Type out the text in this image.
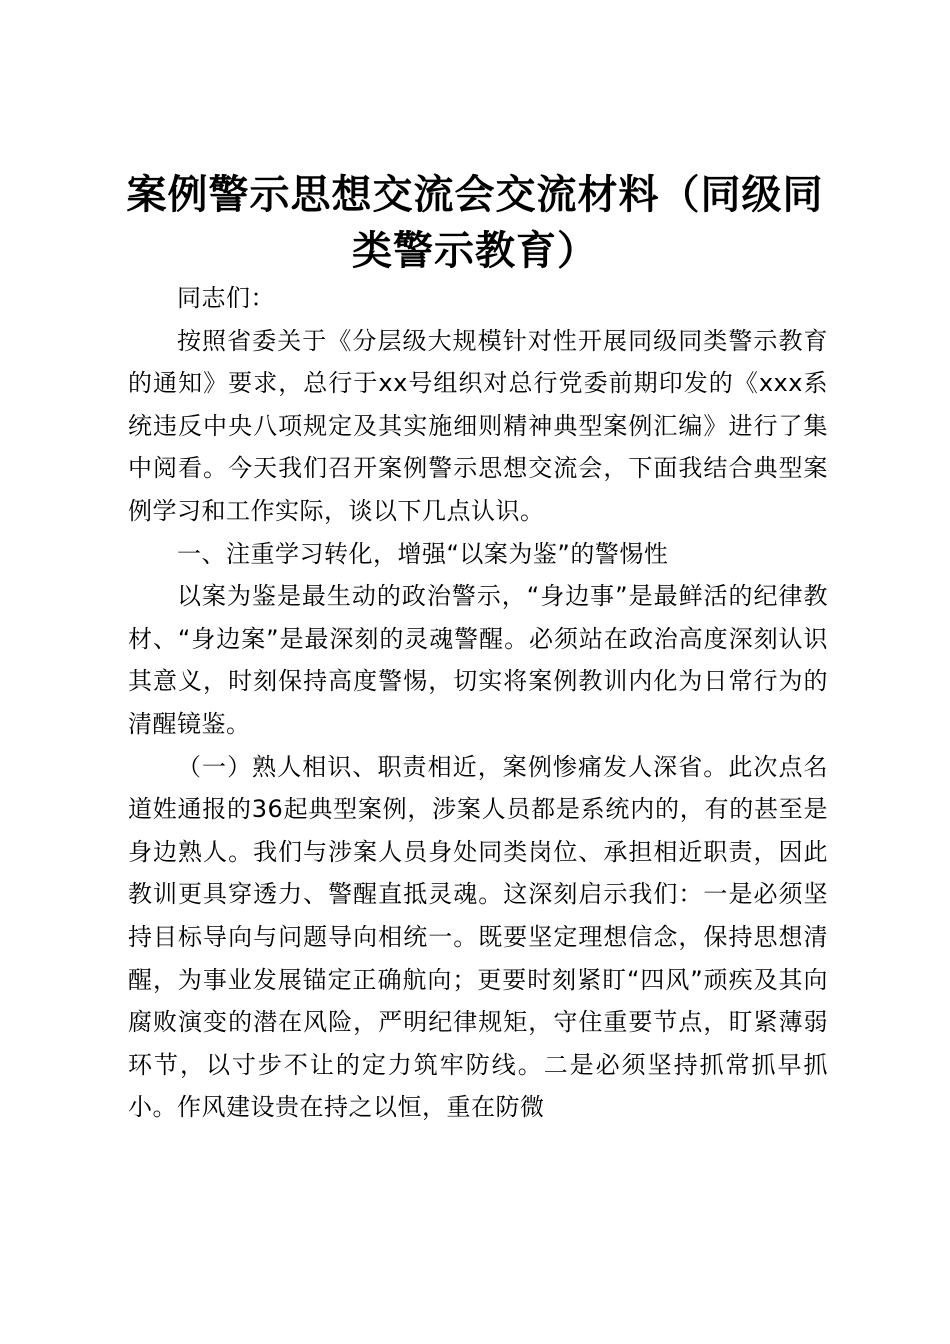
案例警示思想交流会交流材料（同级同
类警示教育）

同志们：

按照省委关于《分层级大规模针对性开展同级同类警示教育的通知》要求，总行于xx号组织对总行党委前期印发的《xxx系统违反中央八项规定及其实施细则精神典型案例汇编》进行了集中阅看。今天我们召开案例警示思想交流会，下面我结合典型案例学习和工作实际，谈以下几点认识。

一、注重学习转化，增强“以案为鉴”的警惕性

以案为鉴是最生动的政治警示，“身边事”是最鲜活的纪律教材、“身边案”是最深刻的灵魂警醒。必须站在政治高度深刻认识其意义，时刻保持高度警惕，切实将案例教训内化为日常行为的清醒镜鉴。

（一）熟人相识、职责相近，案例惨痛发人深省。此次点名道姓通报的36起典型案例，涉案人员都是系统内的，有的甚至是身边熟人。我们与涉案人员身处同类岗位、承担相近职责，因此教训更具穿透力、警醒直抵灵魂。这深刻启示我们：一是必须坚持目标导向与问题导向相统一。既要坚定理想信念，保持思想清醒，为事业发展锚定正确航向；更要时刻紧盯“四风”顽疾及其向腐败演变的潜在风险，严明纪律规矩，守住重要节点，盯紧薄弱环节，以寸步不让的定力筑牢防线。二是必须坚持抓常抓早抓小。作风建设贵在持之以恒，重在防微
